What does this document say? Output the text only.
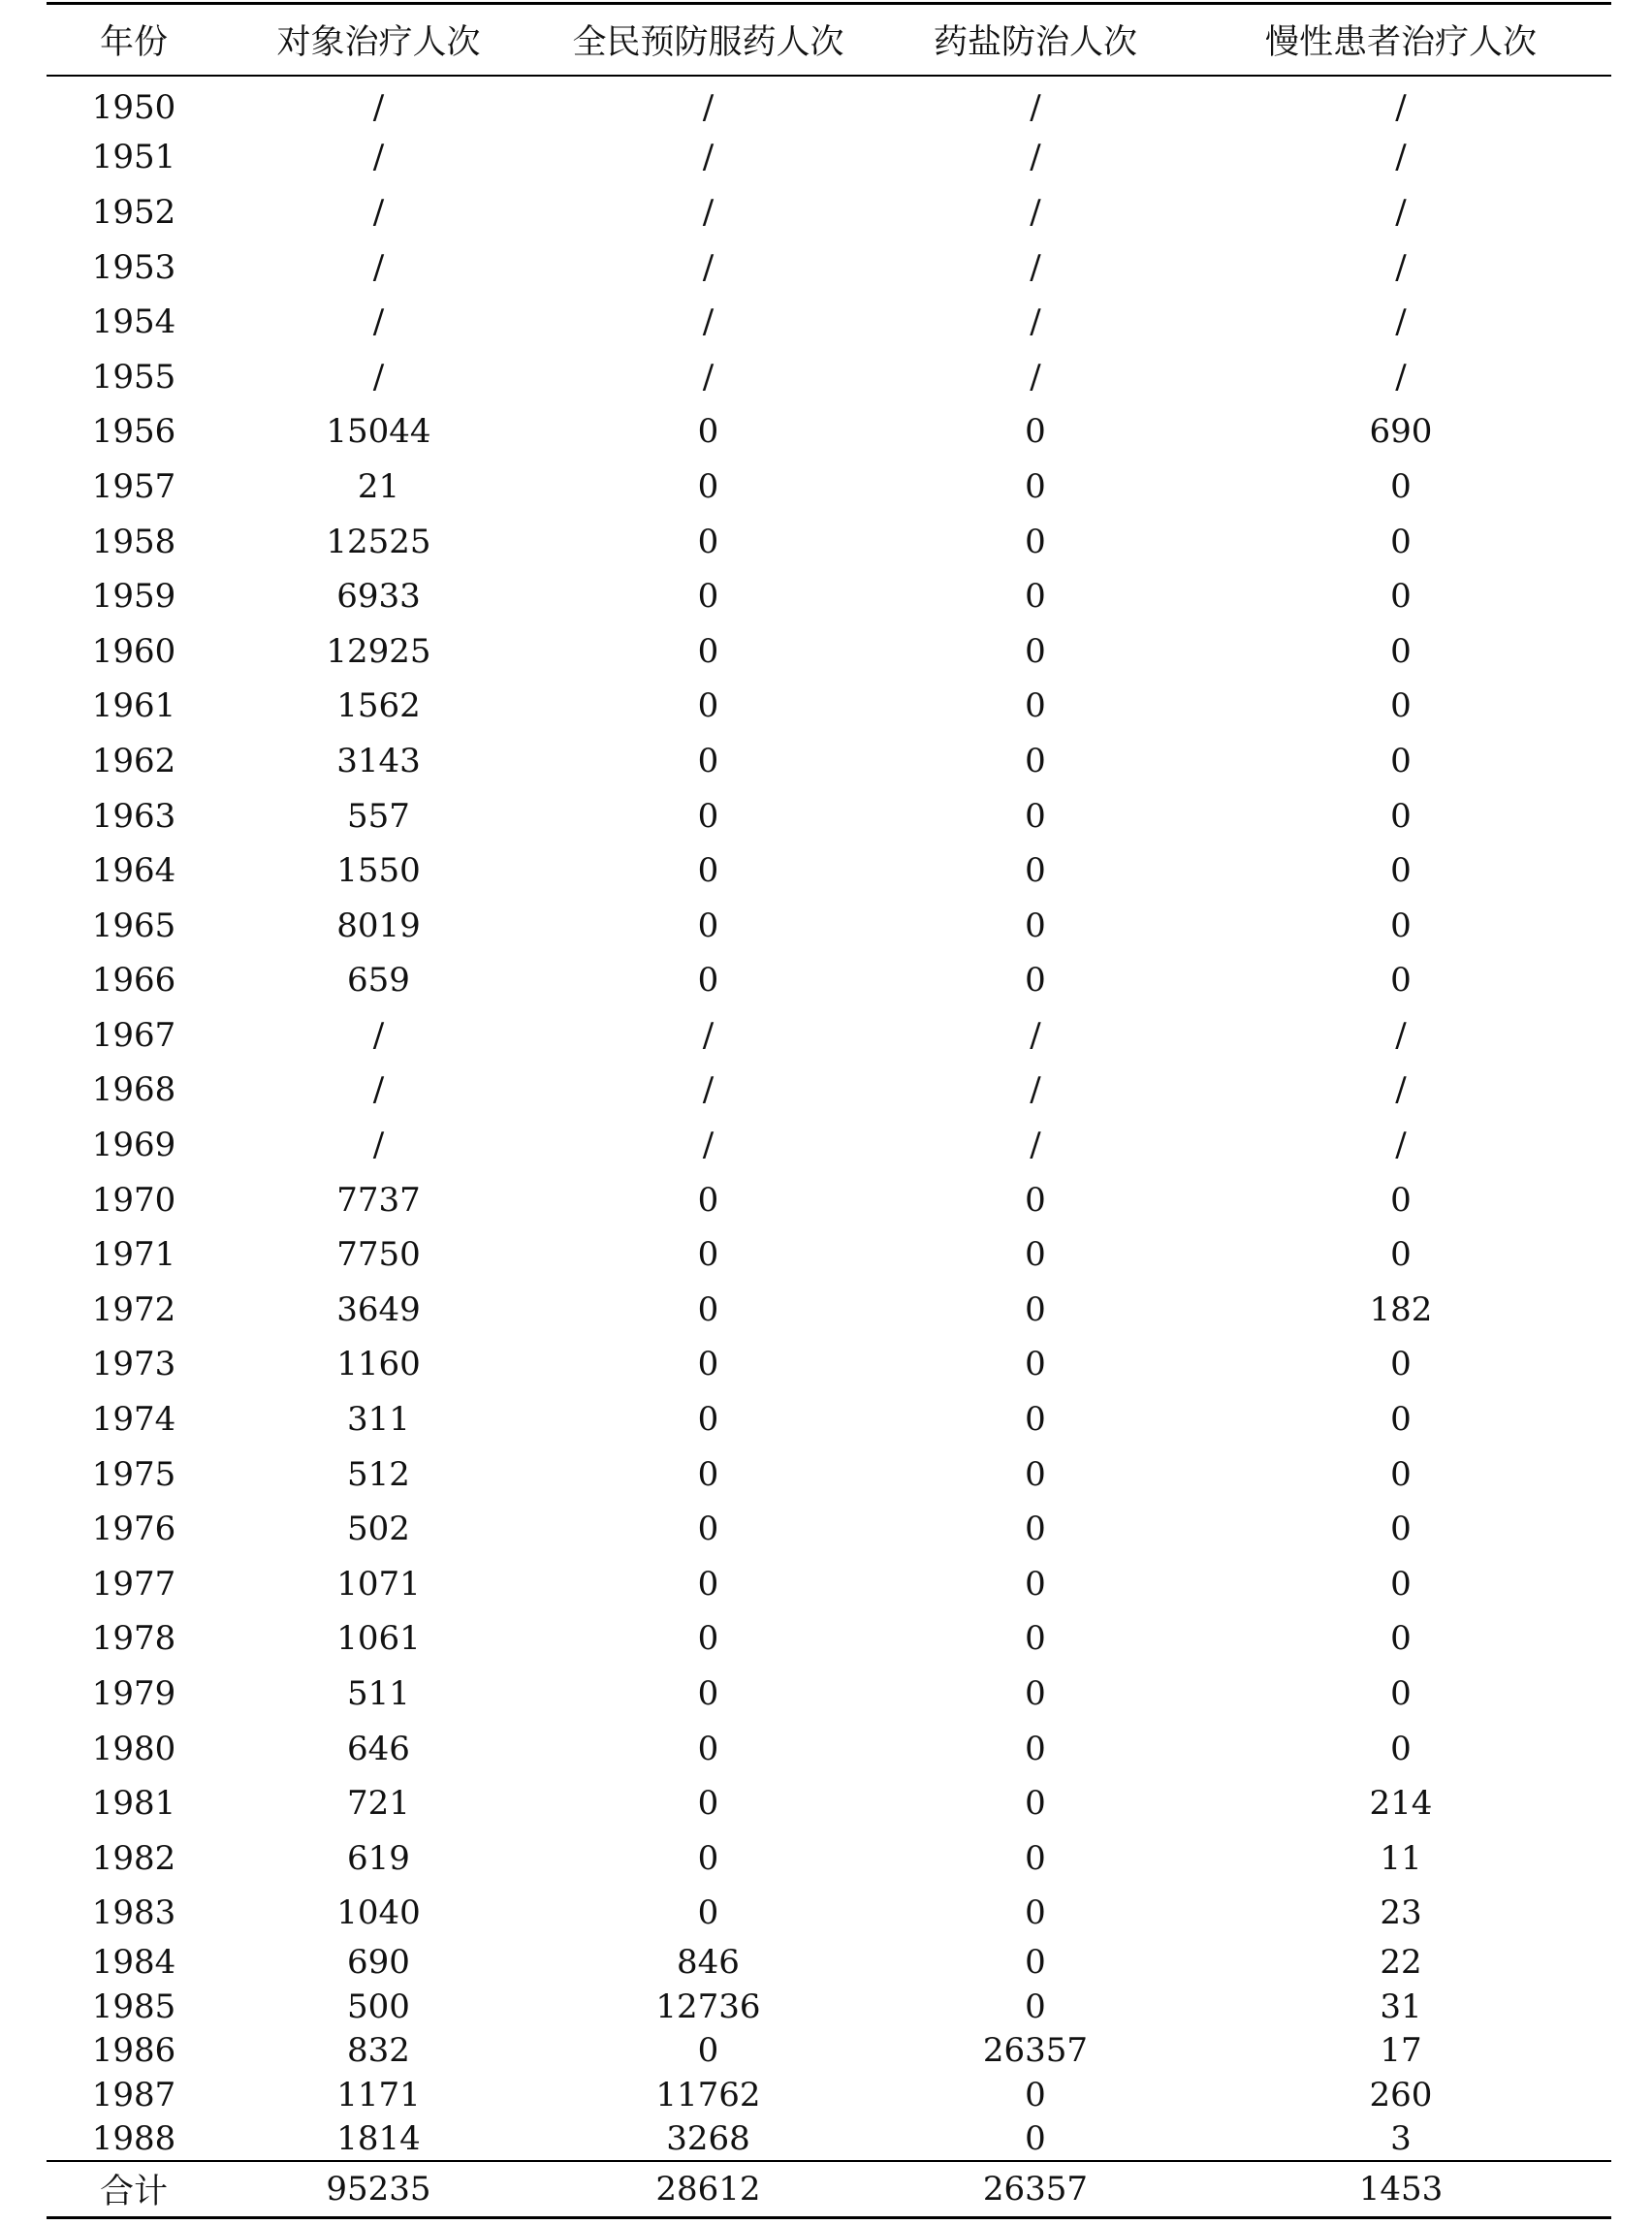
年份	对象治疗人次	全民预防服药人次	药盐防治人次	慢性患者治疗人次
1950	/	/	/	/
1951	/	/	/	/
1952	/	/	/	/
1953	/	/	/	/
1954	/	/	/	/
1955	/	/	/	/
1956	15044	0	0	690
1957	21	0	0	0
1958	12525	0	0	0
1959	6933	0	0	0
1960	12925	0	0	0
1961	1562	0	0	0
1962	3143	0	0	0
1963	557	0	0	0
1964	1550	0	0	0
1965	8019	0	0	0
1966	659	0	0	0
1967	/	/	/	/
1968	/	/	/	/
1969	/	/	/	/
1970	7737	0	0	0
1971	7750	0	0	0
1972	3649	0	0	182
1973	1160	0	0	0
1974	311	0	0	0
1975	512	0	0	0
1976	502	0	0	0
1977	1071	0	0	0
1978	1061	0	0	0
1979	511	0	0	0
1980	646	0	0	0
1981	721	0	0	214
1982	619	0	0	11
1983	1040	0	0	23
1984	690	846	0	22
1985	500	12736	0	31
1986	832	0	26357	17
1987	1171	11762	0	260
1988	1814	3268	0	3
合计	95235	28612	26357	1453
